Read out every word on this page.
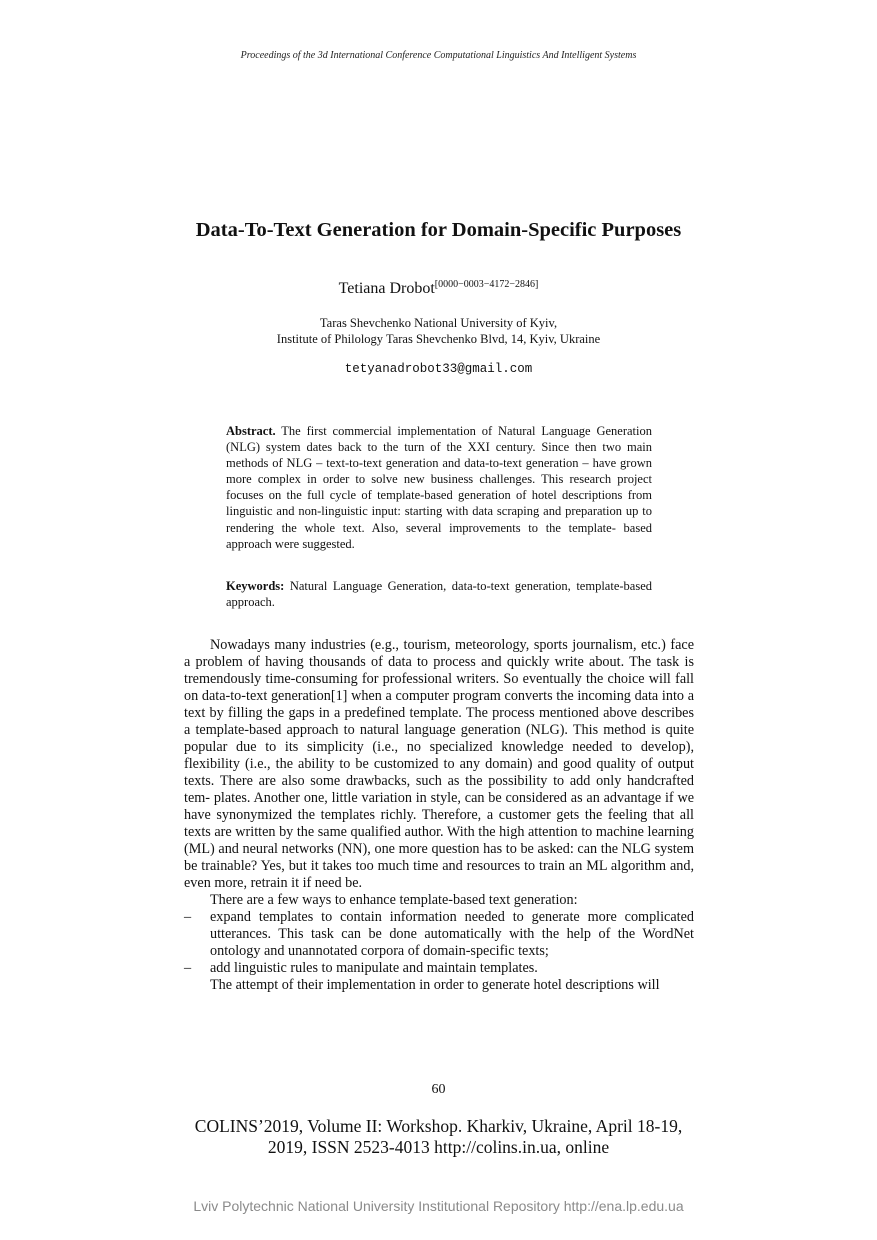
Proceedings of the 3d International Conference Computational Linguistics And Intelligent Systems
Data-To-Text Generation for Domain-Specific Purposes
Tetiana Drobot[0000−0003−4172−2846]
Taras Shevchenko National University of Kyiv,
Institute of Philology Taras Shevchenko Blvd, 14, Kyiv, Ukraine
tetyanadrobot33@gmail.com
Abstract. The first commercial implementation of Natural Language Generation (NLG) system dates back to the turn of the XXI century. Since then two main methods of NLG – text-to-text generation and data-to-text generation – have grown more complex in order to solve new business challenges. This research project focuses on the full cycle of template-based generation of hotel descriptions from linguistic and non-linguistic input: starting with data scraping and preparation up to rendering the whole text. Also, several improvements to the template- based approach were suggested.
Keywords: Natural Language Generation, data-to-text generation, template-based approach.

Nowadays many industries (e.g., tourism, meteorology, sports journalism, etc.) face a problem of having thousands of data to process and quickly write about. The task is tremendously time-consuming for professional writers. So eventually the choice will fall on data-to-text generation[1] when a computer program converts the incoming data into a text by filling the gaps in a predefined template. The process mentioned above describes a template-based approach to natural language generation (NLG). This method is quite popular due to its simplicity (i.e., no specialized knowledge needed to develop), flexibility (i.e., the ability to be customized to any domain) and good quality of output texts. There are also some drawbacks, such as the possibility to add only handcrafted tem- plates. Another one, little variation in style, can be considered as an advantage if we have synonymized the templates richly. Therefore, a customer gets the feeling that all texts are written by the same qualified author. With the high attention to machine learning (ML) and neural networks (NN), one more question has to be asked: can the NLG system be trainable? Yes, but it takes too much time and resources to train an ML algorithm and, even more, retrain it if need be.

There are a few ways to enhance template-based text generation:

– expand templates to contain information needed to generate more complicated utterances. This task can be done automatically with the help of the WordNet ontology and unannotated corpora of domain-specific texts;
– add linguistic rules to manipulate and maintain templates.

The attempt of their implementation in order to generate hotel descriptions will

60
COLINS’2019, Volume II: Workshop. Kharkiv, Ukraine, April 18-19,
2019, ISSN 2523-4013 http://colins.in.ua, online
Lviv Polytechnic National University Institutional Repository http://ena.lp.edu.ua
